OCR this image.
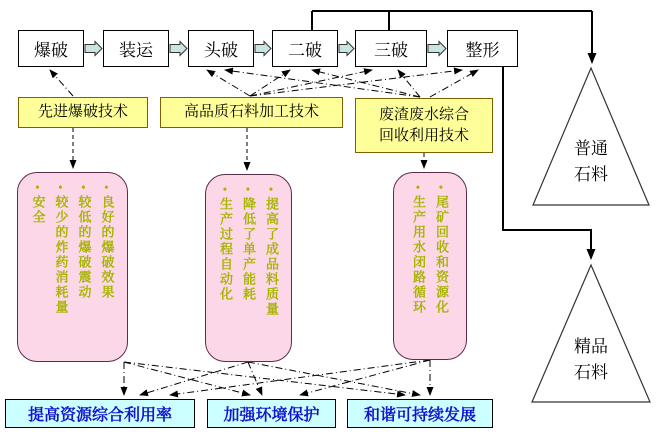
爆破	装运	头破	二破	三破	整形
先进爆破技术	高品质石料加工技术	废渣废水综合
回收利用技术
•良好的爆破效果 •较低的爆破震动 •较少的炸药消耗量 •安全
•提高了成品料质量 •降低了单产能耗 •生产过程自动化
•尾矿回收和资源化 •生产用水闭路循环
提高资源综合利用率	加强环境保护	和谐可持续发展
普通
石料
精品
石料
